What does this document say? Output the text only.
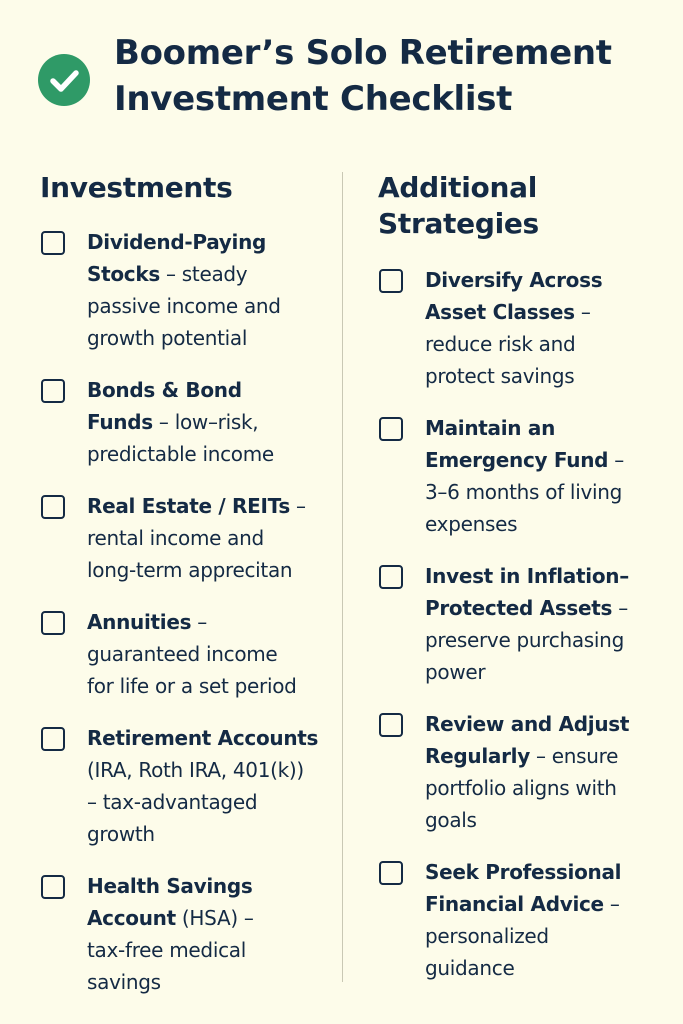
Boomer’s Solo Retirement
Investment Checklist
Investments

Dividend-Paying
Stocks – steady
passive income and
growth potential

Bonds & Bond
Funds – low–risk,
predictable income

Real Estate / REITs –
rental income and
long-term apprecitan

Annuities –
guaranteed income
for life or a set period

Retirement Accounts
(IRA, Roth IRA, 401(k))
– tax-advantaged
growth

Health Savings
Account (HSA) –
tax-free medical
savings

Additional
Strategies

Diversify Across
Asset Classes –
reduce risk and
protect savings

Maintain an
Emergency Fund –
3–6 months of living
expenses

Invest in Inflation–
Protected Assets –
preserve purchasing
power

Review and Adjust
Regularly – ensure
portfolio aligns with
goals

Seek Professional
Financial Advice –
personalized
guidance
